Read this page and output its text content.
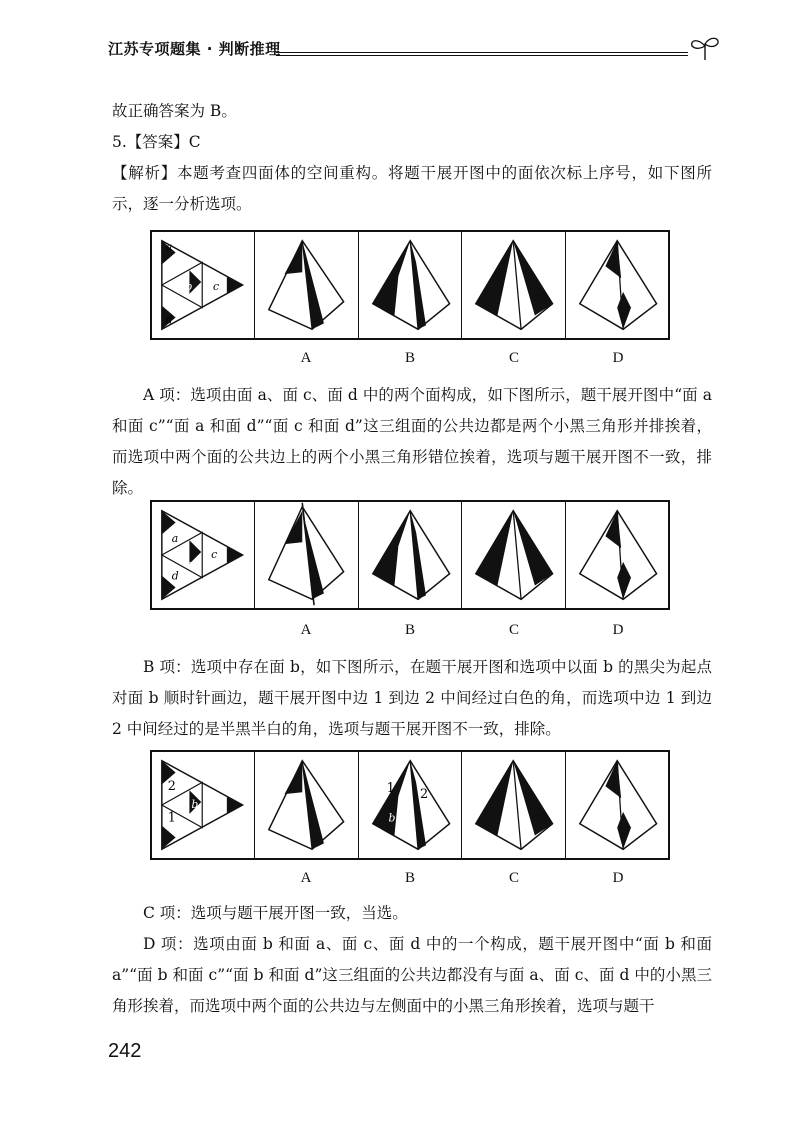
江苏专项题集 · 判断推理
故正确答案为 B。
5.【答案】C
【解析】本题考查四面体的空间重构。将题干展开图中的面依次标上序号，如下图所示，逐一分析选项。
a
b c
d
A	B	C	D
A 项：选项由面 a、面 c、面 d 中的两个面构成，如下图所示，题干展开图中“面 a 和面 c”“面 a 和面 d”“面 c 和面 d”这三组面的公共边都是两个小黑三角形并排挨着，而选项中两个面的公共边上的两个小黑三角形错位挨着，选项与题干展开图不一致，排除。
a
b
c
d
A	B	C	D
B 项：选项中存在面 b，如下图所示，在题干展开图和选项中以面 b 的黑尖为起点对面 b 顺时针画边，题干展开图中边 1 到边 2 中间经过白色的角，而选项中边 1 到边 2 中间经过的是半黑半白的角，选项与题干展开图不一致，排除。
2
1
b
1 2
b
A	B	C	D
C 项：选项与题干展开图一致，当选。
D 项：选项由面 b 和面 a、面 c、面 d 中的一个构成，题干展开图中“面 b 和面 a”“面 b 和面 c”“面 b 和面 d”这三组面的公共边都没有与面 a、面 c、面 d 中的小黑三角形挨着，而选项中两个面的公共边与左侧面中的小黑三角形挨着，选项与题干
242
